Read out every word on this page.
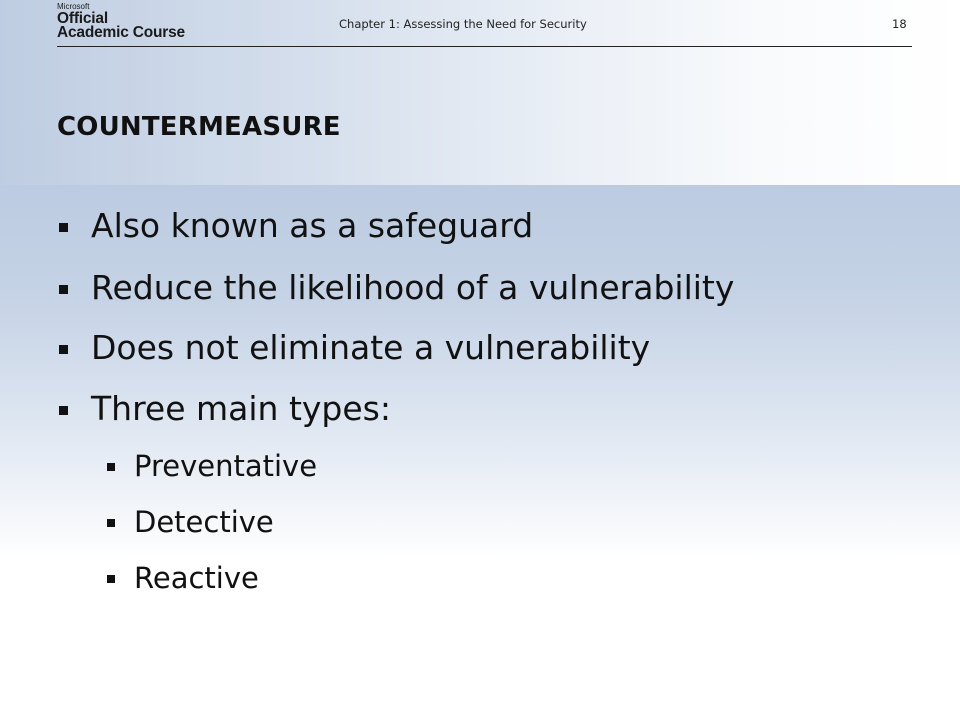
Microsoft
Official
Academic Course	Chapter 1: Assessing the Need for Security	18
COUNTERMEASURE
Also known as a safeguard
Reduce the likelihood of a vulnerability
Does not eliminate a vulnerability
Three main types:
Preventative
Detective
Reactive
